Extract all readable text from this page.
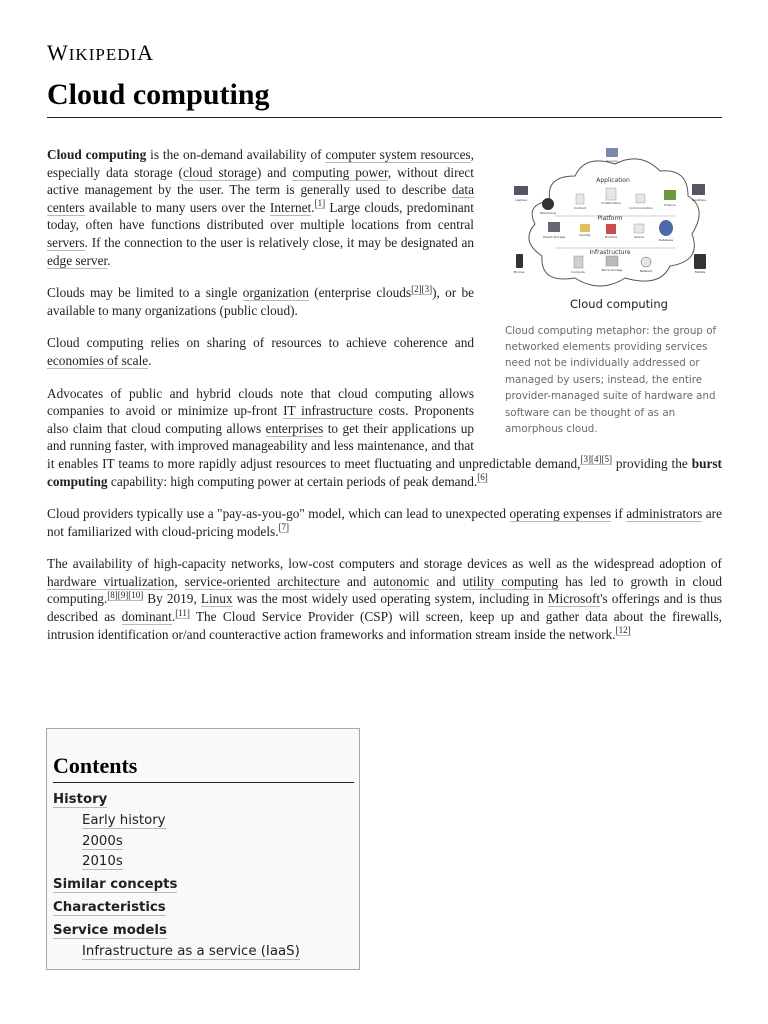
WIKIPEDIA
Cloud computing
Application
Platform
Infrastructure
Servers
Laptops	Desktops
Monitoring
Content
Collaboration
Communication
Finance
Identity	Runtime	Queue
Object Storage
Database
Compute	Block Storage	Network
Phones	Tablets
Cloud computing
Cloud computing metaphor: the group of networked elements providing services need not be individually addressed or managed by users; instead, the entire provider-managed suite of hardware and software can be thought of as an amorphous cloud.

Cloud computing is the on-demand availability of computer system resources, especially data storage (cloud storage) and computing power, without direct active management by the user. The term is generally used to describe data centers available to many users over the Internet.[1] Large clouds, predominant today, often have functions distributed over multiple locations from central servers. If the connection to the user is relatively close, it may be designated an edge server.

Clouds may be limited to a single organization (enterprise clouds[2][3]), or be available to many organizations (public cloud).

Cloud computing relies on sharing of resources to achieve coherence and economies of scale.

Advocates of public and hybrid clouds note that cloud computing allows companies to avoid or minimize up-front IT infrastructure costs. Proponents also claim that cloud computing allows enterprises to get their applications up and running faster, with improved manageability and less maintenance, and that it enables IT teams to more rapidly adjust resources to meet fluctuating and unpredictable demand,[3][4][5] providing the burst computing capability: high computing power at certain periods of peak demand.[6]

Cloud providers typically use a "pay-as-you-go" model, which can lead to unexpected operating expenses if administrators are not familiarized with cloud-pricing models.[7]

The availability of high-capacity networks, low-cost computers and storage devices as well as the widespread adoption of hardware virtualization, service-oriented architecture and autonomic and utility computing has led to growth in cloud computing.[8][9][10] By 2019, Linux was the most widely used operating system, including in Microsoft's offerings and is thus described as dominant.[11] The Cloud Service Provider (CSP) will screen, keep up and gather data about the firewalls, intrusion identification or/and counteractive action frameworks and information stream inside the network.[12]

Contents
History
Early history
2000s
2010s
Similar concepts
Characteristics
Service models
Infrastructure as a service (IaaS)
